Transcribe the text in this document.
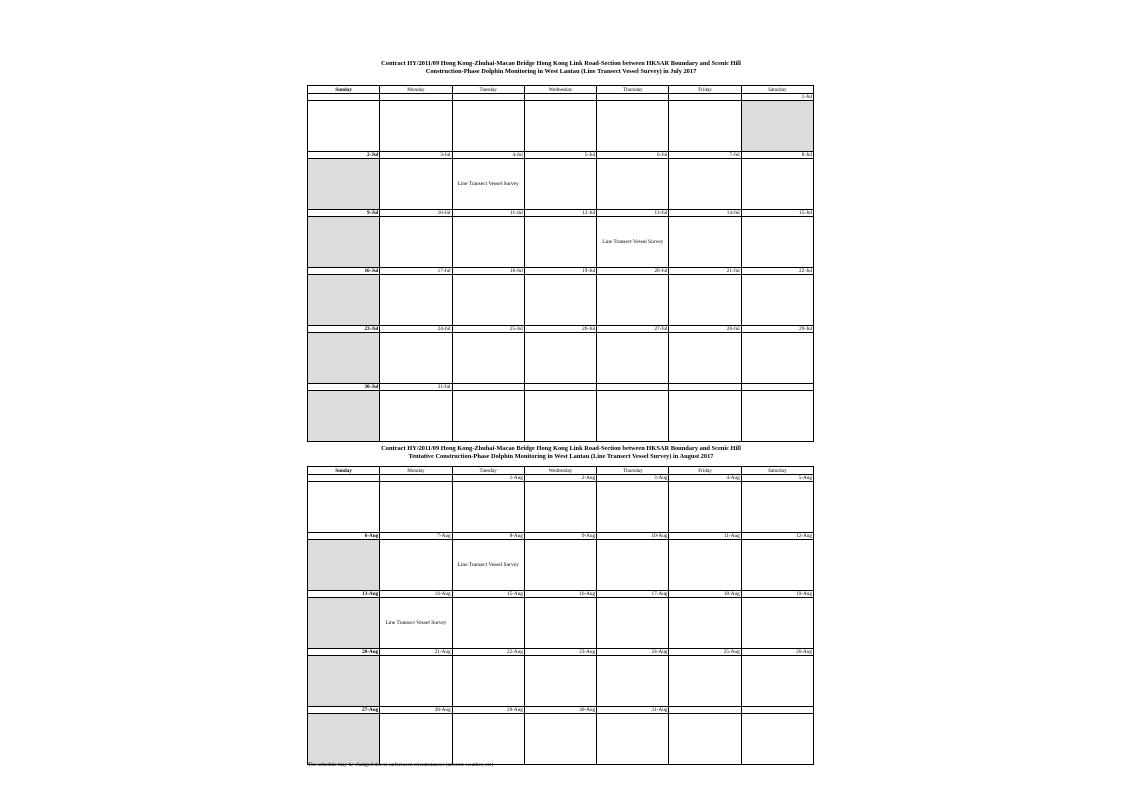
Contract HY/2011/09 Hong Kong-Zhuhai-Macao Bridge Hong Kong Link Road-Section between HKSAR Boundary and Scenic Hill
Construction-Phase Dolphin Monitoring in West Lantau (Line Transect Vessel Survey) in July 2017
Sunday	Monday	Tuesday	Wednesday	Thursday	Friday	Saturday
						1-Jul

2-Jul	3-Jul	4-Jul	5-Jul	6-Jul	7-Jul	8-Jul
		Line Transect Vessel Survey				
9-Jul	10-Jul	11-Jul	12-Jul	13-Jul	14-Jul	15-Jul
				Line Transect Vessel Survey		
16-Jul	17-Jul	18-Jul	19-Jul	20-Jul	21-Jul	22-Jul

23-Jul	24-Jul	25-Jul	26-Jul	27-Jul	28-Jul	29-Jul

30-Jul	31-Jul					

Contract HY/2011/09 Hong Kong-Zhuhai-Macao Bridge Hong Kong Link Road-Section between HKSAR Boundary and Scenic Hill
Tentative Construction-Phase Dolphin Monitoring in West Lantau (Line Transect Vessel Survey) in August 2017
Sunday	Monday	Tuesday	Wednesday	Thursday	Friday	Saturday
		1-Aug	2-Aug	3-Aug	4-Aug	5-Aug

6-Aug	7-Aug	8-Aug	9-Aug	10-Aug	11-Aug	12-Aug
		Line Transect Vessel Survey				
13-Aug	14-Aug	15-Aug	16-Aug	17-Aug	18-Aug	19-Aug
	Line Transect Vessel Survey					
20-Aug	21-Aug	22-Aug	23-Aug	24-Aug	25-Aug	26-Aug

27-Aug	28-Aug	29-Aug	30-Aug	31-Aug		

The schedule may be changed due to unforeseen circumstances (adverse weather, etc)
